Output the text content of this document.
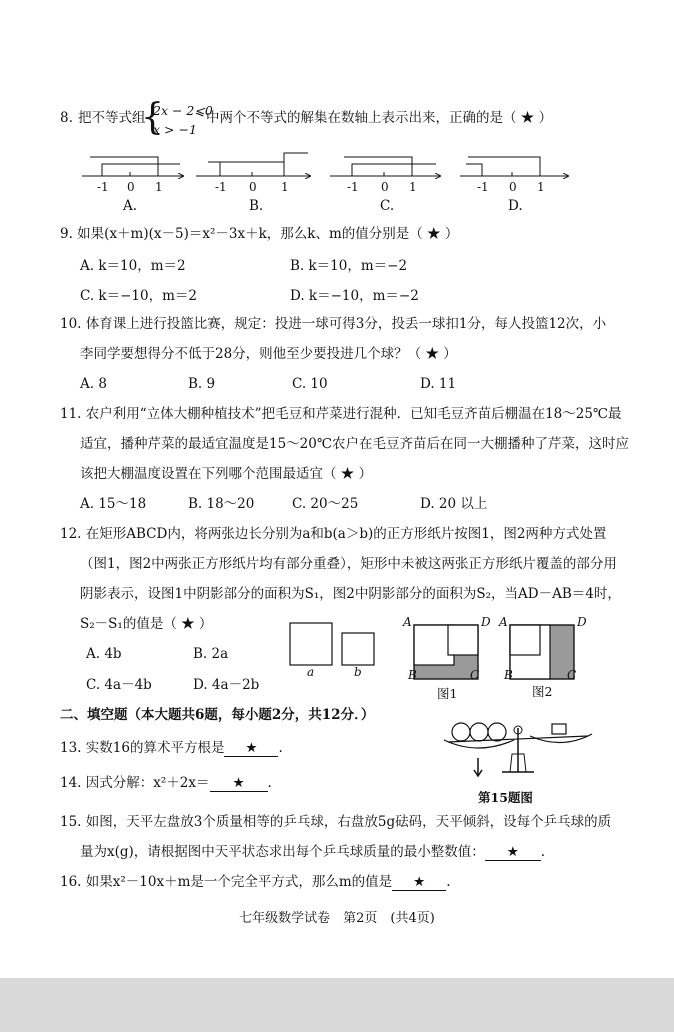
8. 把不等式组
{
2x − 2⩽0
x > −1
中两个不等式的解集在数轴上表示出来，正确的是（ ★ ）
-1 0 1	-1 0 1	-1 0 1	-1 0 1
A.	B.	C.	D.
9. 如果(x＋m)(x－5)＝x²－3x＋k，那么k、m的值分别是（ ★ ）
A. k＝10，m＝2	B. k＝10，m＝−2
C. k＝−10，m＝2	D. k＝−10，m＝−2
10. 体育课上进行投篮比赛，规定：投进一球可得3分，投丢一球扣1分，每人投篮12次，小
李同学要想得分不低于28分，则他至少要投进几个球？（ ★ ）
A. 8	B. 9	C. 10	D. 11
11. 农户利用“立体大棚种植技术”把毛豆和芹菜进行混种．已知毛豆齐苗后棚温在18～25℃最
适宜，播种芹菜的最适宜温度是15～20℃农户在毛豆齐苗后在同一大棚播种了芹菜，这时应
该把大棚温度设置在下列哪个范围最适宜（ ★ ）
A. 15～18	B. 18～20	C. 20～25	D. 20 以上
12. 在矩形ABCD内，将两张边长分别为a和b(a＞b)的正方形纸片按图1，图2两种方式处置
（图1，图2中两张正方形纸片均有部分重叠），矩形中未被这两张正方形纸片覆盖的部分用
阴影表示，设图1中阴影部分的面积为S₁，图2中阴影部分的面积为S₂，当AD－AB＝4时，
S₂－S₁的值是（ ★ ）
A. 4b	B. 2a
C. 4a－4b	D. 4a－2b
a	b
A	D
B	C
A	D
B	C
图1	图2
二、填空题（本大题共6题，每小题2分，共12分．）
13. 实数16的算术平方根是 ★ .
14. 因式分解：x²＋2x＝ ★ .
第15题图
15. 如图，天平左盘放3个质量相等的乒乓球，右盘放5g砝码，天平倾斜，设每个乒乓球的质
量为x(g)，请根据图中天平状态求出每个乒乓球质量的最小整数值： ★ .
16. 如果x²－10x＋m是一个完全平方式，那么m的值是 ★ .
七年级数学试卷　第2页　(共4页)
